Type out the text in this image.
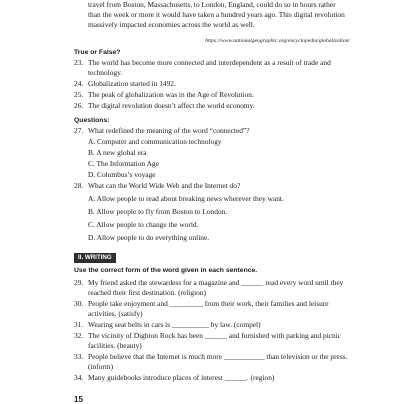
travel from Boston, Massachusetts, to London, England, could do so in hours rather than the week or more it would have taken a hundred years ago. This digital revolution massively impacted economies across the world as well.

https://www.nationalgeographic.org/encyclopedia/globalization/
True or False?
23. The world has become more connected and interdependent as a result of trade and technology.
24. Globalization started in 1492.
25. The peak of globalization was in the Age of Revolution.
26. The digital revolution doesn’t affect the world economy.
Questions:
27. What redefined the meaning of the word “connected”?
A. Computer and communication technology
B. A new global era
C. The Information Age
D. Columbus’s voyage
28. What can the World Wide Web and the Internet do?
A. Allow people to read about breaking news wherever they want.
B. Allow people to fly from Boston to London.
C. Allow people to change the world.
D. Allow people to do everything online.
II. WRITING
Use the correct form of the word given in each sentence.
29. My friend asked the stewardess for a magazine and ______ read every word until they reached their first destination. (religion)
30. People take enjoyment and _________ from their work, their families and leisure activities. (satisfy)
31. Wearing seat belts in cars is __________ by law. (compel)
32. The vicinity of Dighton Rock has been ______ and furnished with parking and picnic facilities. (beauty)
33. People believe that the Internet is much more ___________ than television or the press. (inform)
34. Many guidebooks introduce places of interest ______. (region)
15
